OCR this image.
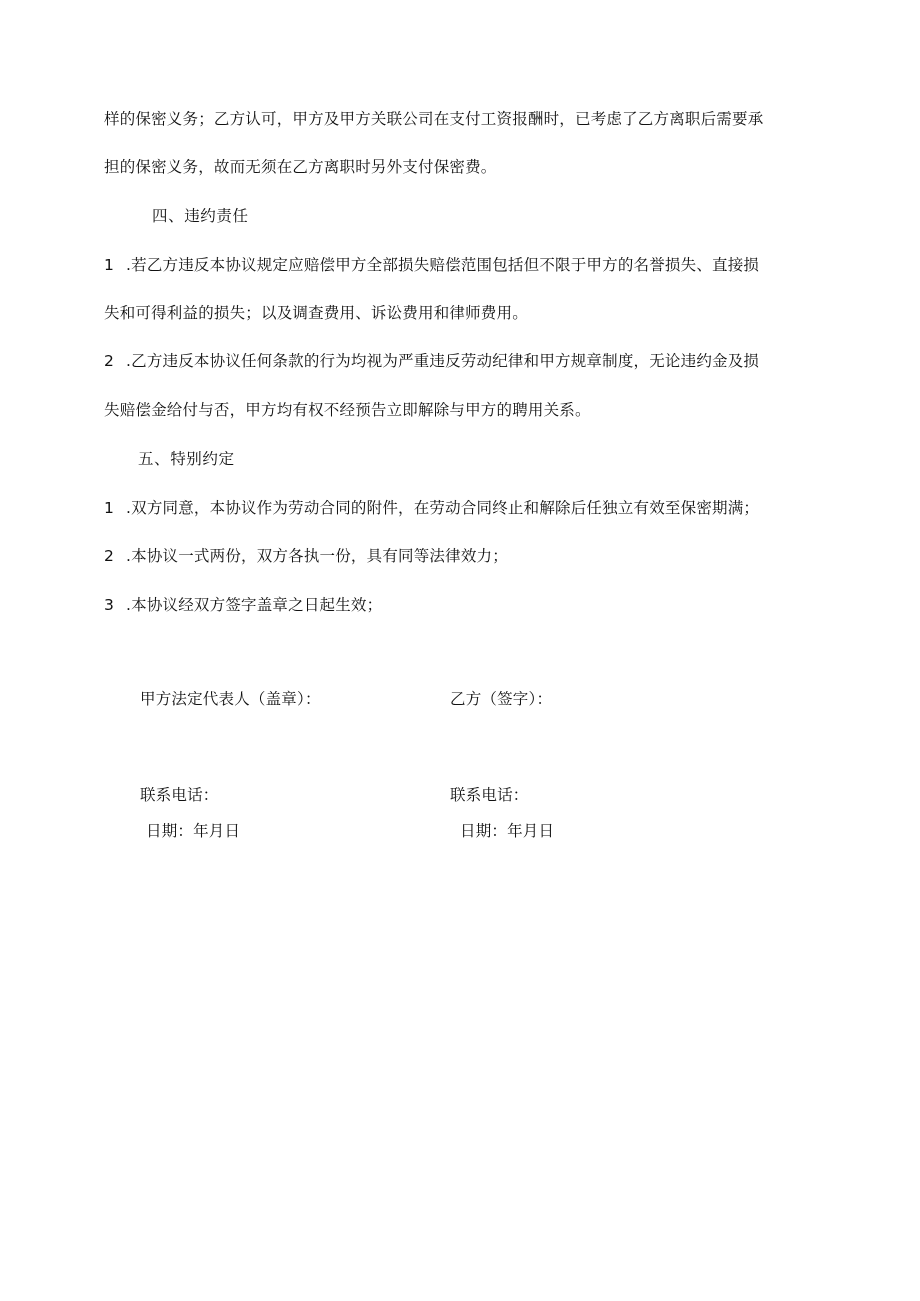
样的保密义务；乙方认可，甲方及甲方关联公司在支付工资报酬时，已考虑了乙方离职后需要承
担的保密义务，故而无须在乙方离职时另外支付保密费。
四、违约责任
1 .若乙方违反本协议规定应赔偿甲方全部损失赔偿范围包括但不限于甲方的名誉损失、直接损
失和可得利益的损失；以及调查费用、诉讼费用和律师费用。
2 .乙方违反本协议任何条款的行为均视为严重违反劳动纪律和甲方规章制度，无论违约金及损
失赔偿金给付与否，甲方均有权不经预告立即解除与甲方的聘用关系。
五、特别约定
1 .双方同意，本协议作为劳动合同的附件，在劳动合同终止和解除后任独立有效至保密期满；
2 .本协议一式两份，双方各执一份，具有同等法律效力；
3 .本协议经双方签字盖章之日起生效；
甲方法定代表人（盖章）：	乙方（签字）：
联系电话：	联系电话：
日期：年月日	日期：年月日
